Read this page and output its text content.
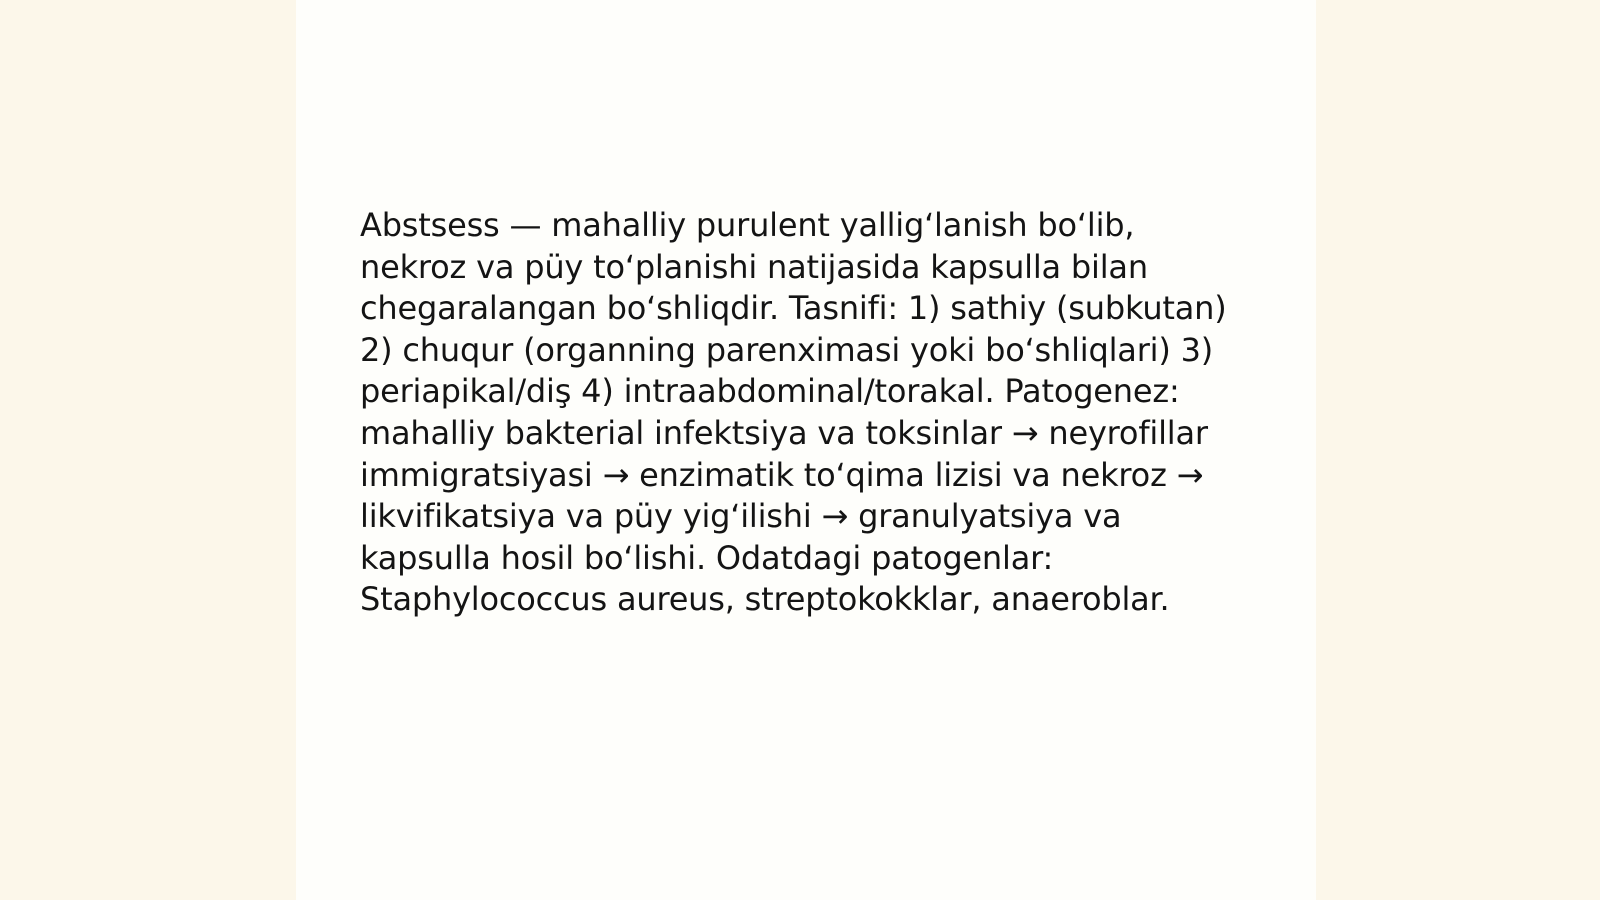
Abstsess — mahalliy purulent yallig‘lanish bo‘lib,
nekroz va püy to‘planishi natijasida kapsulla bilan
chegaralangan bo‘shliqdir. Tasnifi: 1) sathiy (subkutan)
2) chuqur (organning parenximasi yoki bo‘shliqlari) 3)
periapikal/diş 4) intraabdominal/torakal. Patogenez:
mahalliy bakterial infektsiya va toksinlar → neyrofillar
immigratsiyasi → enzimatik to‘qima lizisi va nekroz →
likvifikatsiya va püy yig‘ilishi → granulyatsiya va
kapsulla hosil bo‘lishi. Odatdagi patogenlar:
Staphylococcus aureus, streptokokklar, anaeroblar.
